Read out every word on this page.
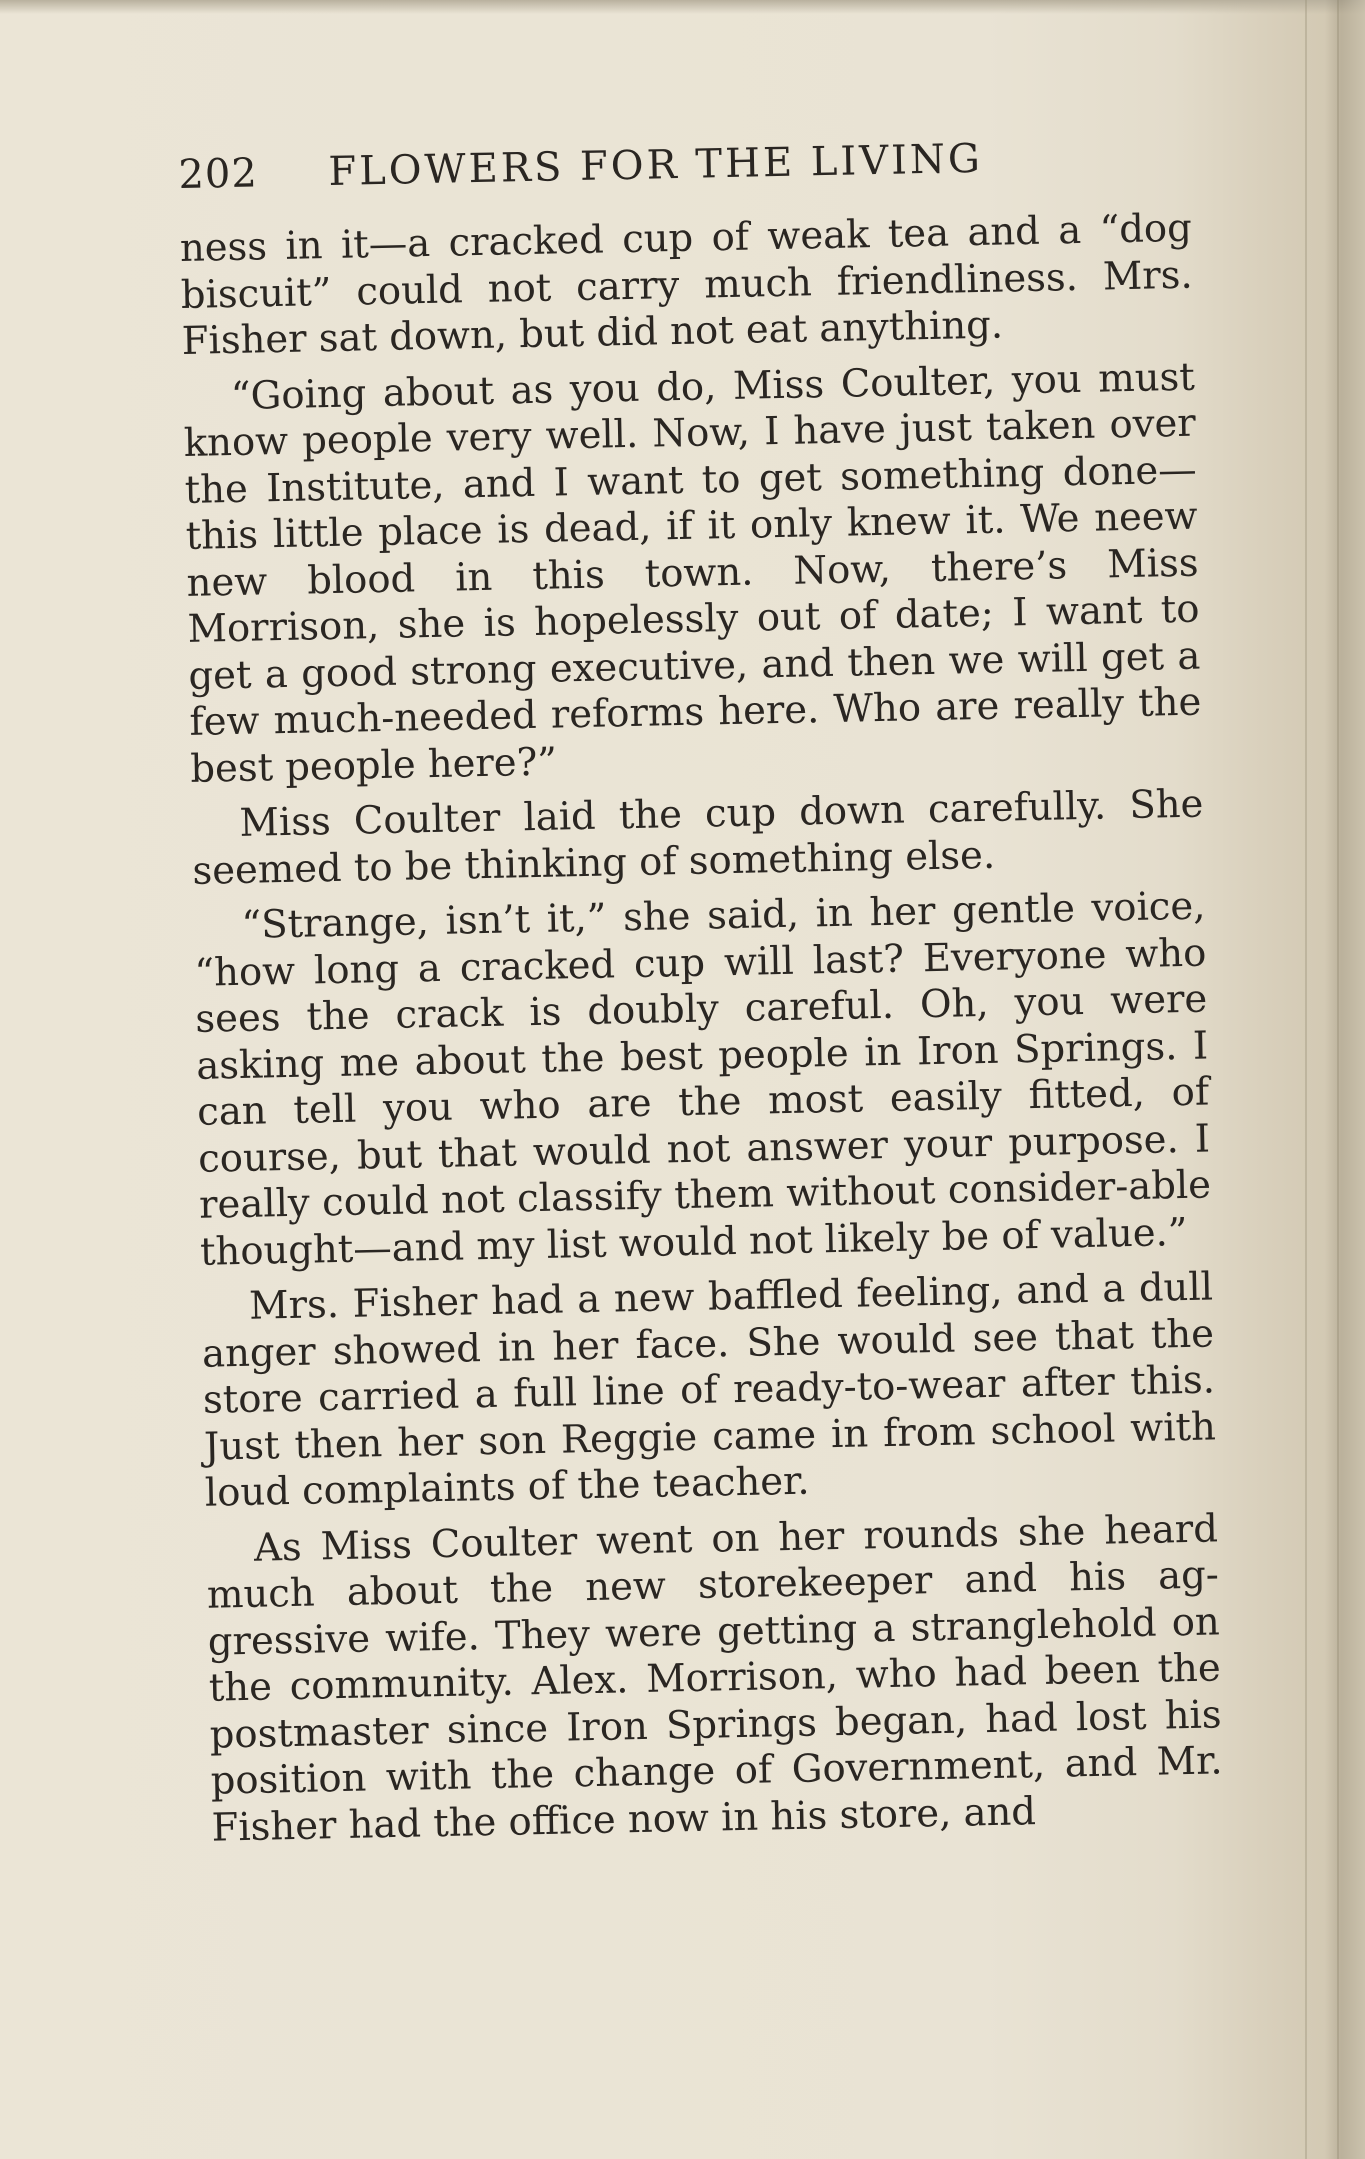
202	FLOWERS FOR THE LIVING

ness in it—a cracked cup of weak tea and a “dog biscuit” could not carry much friendliness. Mrs. Fisher sat down, but did not eat anything.

“Going about as you do, Miss Coulter, you must know people very well. Now, I have just taken over the Institute, and I want to get something done—this little place is dead, if it only knew it. We neew new blood in this town. Now, there’s Miss Morrison, she is hopelessly out of date; I want to get a good strong executive, and then we will get a few much-needed reforms here. Who are really the best people here?”

Miss Coulter laid the cup down carefully. She seemed to be thinking of something else.

“Strange, isn’t it,” she said, in her gentle voice, “how long a cracked cup will last? Everyone who sees the crack is doubly careful. Oh, you were asking me about the best people in Iron Springs. I can tell you who are the most easily fitted, of course, but that would not answer your purpose. I really could not classify them without consider-able thought—and my list would not likely be of value.”

Mrs. Fisher had a new baffled feeling, and a dull anger showed in her face. She would see that the store carried a full line of ready-to-wear after this. Just then her son Reggie came in from school with loud complaints of the teacher.

As Miss Coulter went on her rounds she heard much about the new storekeeper and his ag-gressive wife. They were getting a stranglehold on the community. Alex. Morrison, who had been the postmaster since Iron Springs began, had lost his position with the change of Government, and Mr. Fisher had the office now in his store, and
